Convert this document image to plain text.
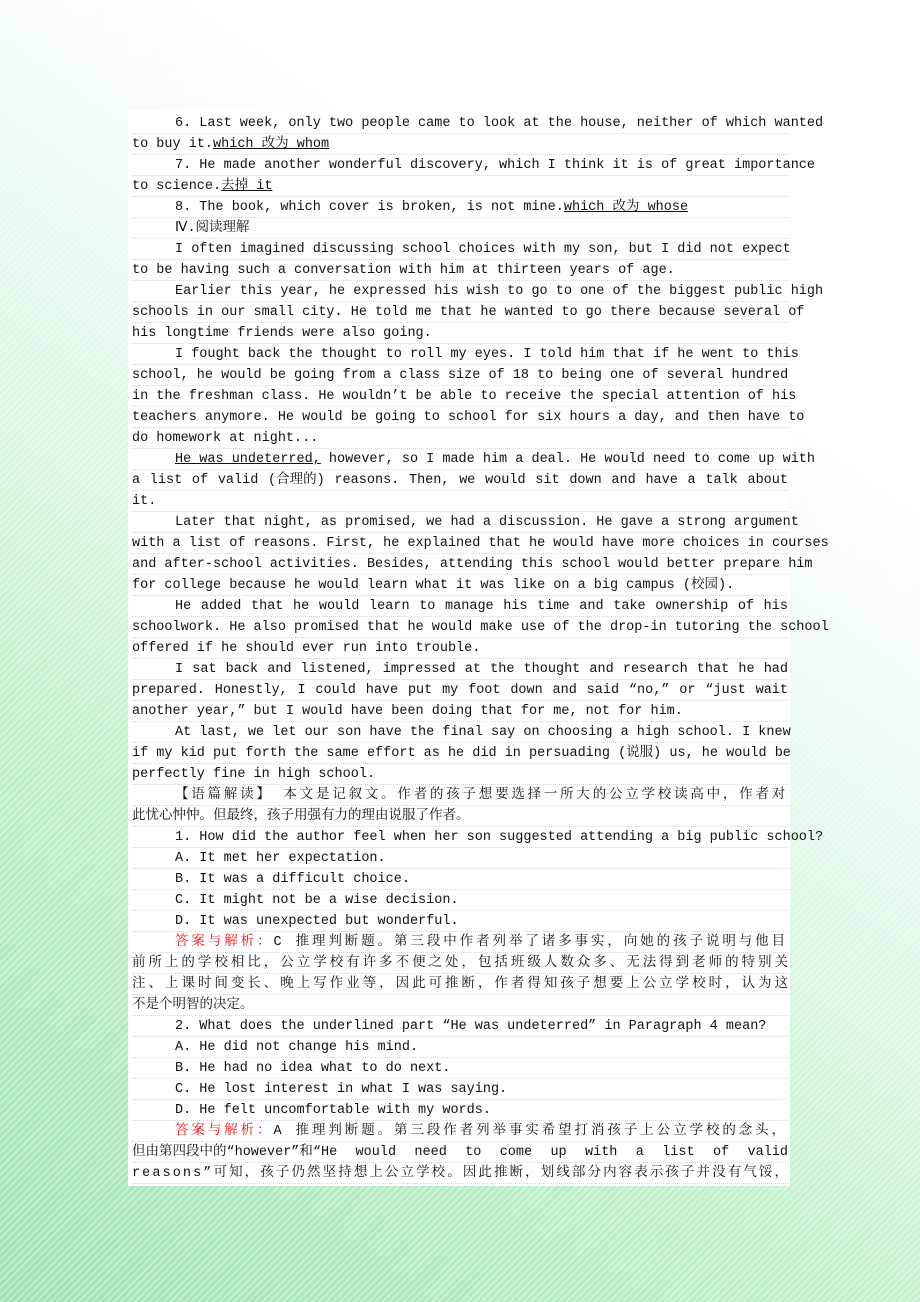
6. Last week, only two people came to look at the house, neither of which wanted
to buy it.which 改为 whom
7. He made another wonderful discovery, which I think it is of great importance
to science.去掉 it
8. The book, which cover is broken, is not mine.which 改为 whose
Ⅳ.阅读理解
I often imagined discussing school choices with my son, but I did not expect
to be having such a conversation with him at thirteen years of age.
Earlier this year, he expressed his wish to go to one of the biggest public high
schools in our small city. He told me that he wanted to go there because several of
his longtime friends were also going.
I fought back the thought to roll my eyes. I told him that if he went to this
school, he would be going from a class size of 18 to being one of several hundred
in the freshman class. He wouldn’t be able to receive the special attention of his
teachers anymore. He would be going to school for six hours a day, and then have to
do homework at night...
He was undeterred, however, so I made him a deal. He would need to come up with
a list of valid (合理的) reasons. Then, we would sit down and have a talk about
it.
Later that night, as promised, we had a discussion. He gave a strong argument
with a list of reasons. First, he explained that he would have more choices in courses
and after-school activities. Besides, attending this school would better prepare him
for college because he would learn what it was like on a big campus (校园).
He added that he would learn to manage his time and take ownership of his
schoolwork. He also promised that he would make use of the drop-in tutoring the school
offered if he should ever run into trouble.
I sat back and listened, impressed at the thought and research that he had
prepared. Honestly, I could have put my foot down and said “no,” or “just wait
another year,” but I would have been doing that for me, not for him.
At last, we let our son have the final say on choosing a high school. I knew
if my kid put forth the same effort as he did in persuading (说服) us, he would be
perfectly fine in high school.
【语篇解读】 本文是记叙文。作者的孩子想要选择一所大的公立学校读高中，作者对
此忧心忡忡。但最终，孩子用强有力的理由说服了作者。
1. How did the author feel when her son suggested attending a big public school?
A. It met her expectation.
B. It was a difficult choice.
C. It might not be a wise decision.
D. It was unexpected but wonderful.
答案与解析：C 推理判断题。第三段中作者列举了诸多事实，向她的孩子说明与他目
前所上的学校相比，公立学校有许多不便之处，包括班级人数众多、无法得到老师的特别关
注、上课时间变长、晚上写作业等，因此可推断，作者得知孩子想要上公立学校时，认为这
不是个明智的决定。
2. What does the underlined part “He was undeterred” in Paragraph 4 mean?
A. He did not change his mind.
B. He had no idea what to do next.
C. He lost interest in what I was saying.
D. He felt uncomfortable with my words.
答案与解析：A 推理判断题。第三段作者列举事实希望打消孩子上公立学校的念头，
但由第四段中的“however”和“He would need to come up with a list of valid
reasons”可知，孩子仍然坚持想上公立学校。因此推断，划线部分内容表示孩子并没有气馁，
